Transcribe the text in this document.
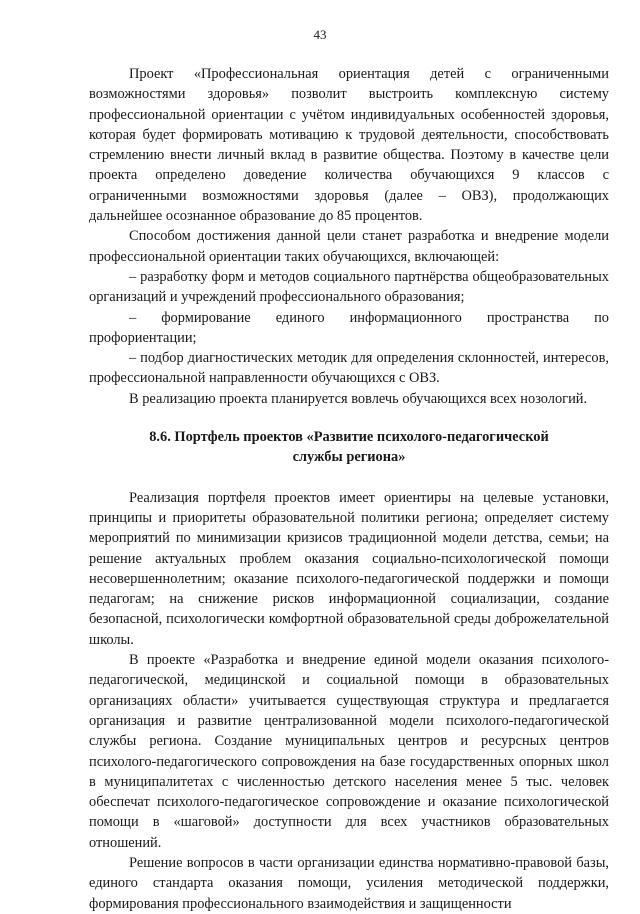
43

Проект «Профессиональная ориентация детей с ограниченными возможностями здоровья» позволит выстроить комплексную систему профессиональной ориентации с учётом индивидуальных особенностей здоровья, которая будет формировать мотивацию к трудовой деятельности, способствовать стремлению внести личный вклад в развитие общества. Поэтому в качестве цели проекта определено доведение количества обучающихся 9 классов с ограниченными возможностями здоровья (далее – ОВЗ), продолжающих дальнейшее осознанное образование до 85 процентов.

Способом достижения данной цели станет разработка и внедрение модели профессиональной ориентации таких обучающихся, включающей:

– разработку форм и методов социального партнёрства общеобразовательных организаций и учреждений профессионального образования;

– формирование единого информационного пространства по профориентации;

– подбор диагностических методик для определения склонностей, интересов, профессиональной направленности обучающихся с ОВЗ.

В реализацию проекта планируется вовлечь обучающихся всех нозологий.

8.6. Портфель проектов «Развитие психолого-педагогической службы региона»

Реализация портфеля проектов имеет ориентиры на целевые установки, принципы и приоритеты образовательной политики региона; определяет систему мероприятий по минимизации кризисов традиционной модели детства, семьи; на решение актуальных проблем оказания социально-психологической помощи несовершеннолетним; оказание психолого-педагогической поддержки и помощи педагогам; на снижение рисков информационной социализации, создание безопасной, психологически комфортной образовательной среды доброжелательной школы.

В проекте «Разработка и внедрение единой модели оказания психолого-педагогической, медицинской и социальной помощи в образовательных организациях области» учитывается существующая структура и предлагается организация и развитие централизованной модели психолого-педагогической службы региона. Создание муниципальных центров и ресурсных центров психолого-педагогического сопровождения на базе государственных опорных школ в муниципалитетах с численностью детского населения менее 5 тыс. человек обеспечат психолого-педагогическое сопровождение и оказание психологической помощи в «шаговой» доступности для всех участников образовательных отношений.

Решение вопросов в части организации единства нормативно-правовой базы, единого стандарта оказания помощи, усиления методической поддержки, формирования профессионального взаимодействия и защищенности
